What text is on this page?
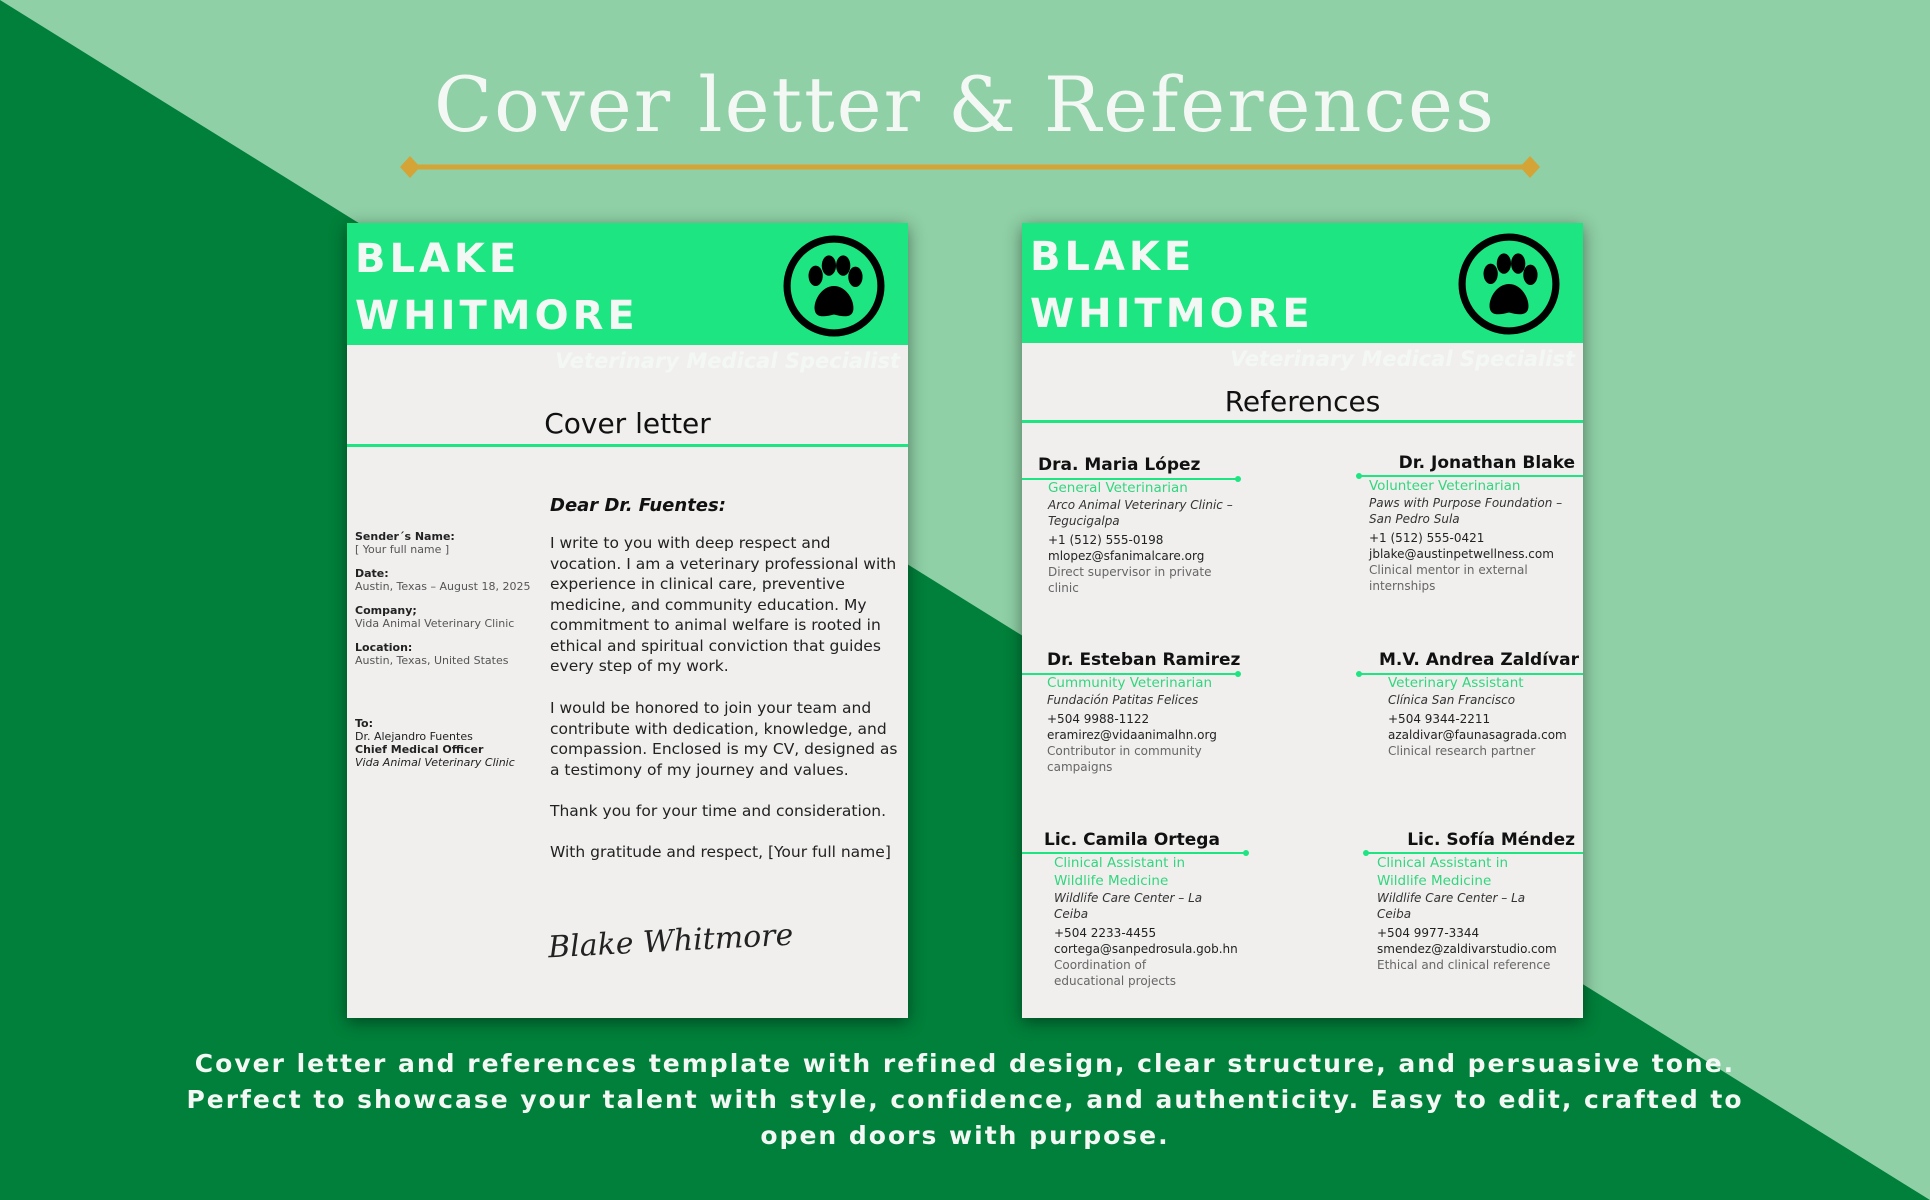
Cover letter & References
BLAKE
WHITMORE
Veterinary Medical Specialist
Cover letter
Sender´s Name:
[ Your full name ]
Date:
Austin, Texas – August 18, 2025
Company;
Vida Animal Veterinary Clinic
Location:
Austin, Texas, United States
To:
Dr. Alejandro Fuentes
Chief Medical Officer
Vida Animal Veterinary Clinic
Dear Dr. Fuentes:
I write to you with deep respect and vocation. I am a veterinary professional with experience in clinical care, preventive medicine, and community education. My commitment to animal welfare is rooted in ethical and spiritual conviction that guides every step of my work.
I would be honored to join your team and contribute with dedication, knowledge, and compassion. Enclosed is my CV, designed as a testimony of my journey and values.
Thank you for your time and consideration.
With gratitude and respect, [Your full name]
Blake Whitmore
BLAKE
WHITMORE
Veterinary Medical Specialist
References
Dra. Maria López
General Veterinarian
Arco Animal Veterinary Clinic – Tegucigalpa
+1 (512) 555-0198
mlopez@sfanimalcare.org
Direct supervisor in private clinic
Dr. Jonathan Blake
Volunteer Veterinarian
Paws with Purpose Foundation – San Pedro Sula
+1 (512) 555-0421
jblake@austinpetwellness.com
Clinical mentor in external internships
Dr. Esteban Ramirez
Cummunity Veterinarian
Fundación Patitas Felices
+504 9988-1122
eramirez@vidaanimalhn.org
Contributor in community campaigns
M.V. Andrea Zaldívar
Veterinary Assistant
Clínica San Francisco
+504 9344-2211
azaldivar@faunasagrada.com
Clinical research partner
Lic. Camila Ortega
Clinical Assistant in Wildlife Medicine
Wildlife Care Center – La Ceiba
+504 2233-4455
cortega@sanpedrosula.gob.hn
Coordination of educational projects
Lic. Sofía Méndez
Clinical Assistant in Wildlife Medicine
Wildlife Care Center – La Ceiba
+504 9977-3344
smendez@zaldivarstudio.com
Ethical and clinical reference
Cover letter and references template with refined design, clear structure, and persuasive tone.
Perfect to showcase your talent with style, confidence, and authenticity. Easy to edit, crafted to
open doors with purpose.
